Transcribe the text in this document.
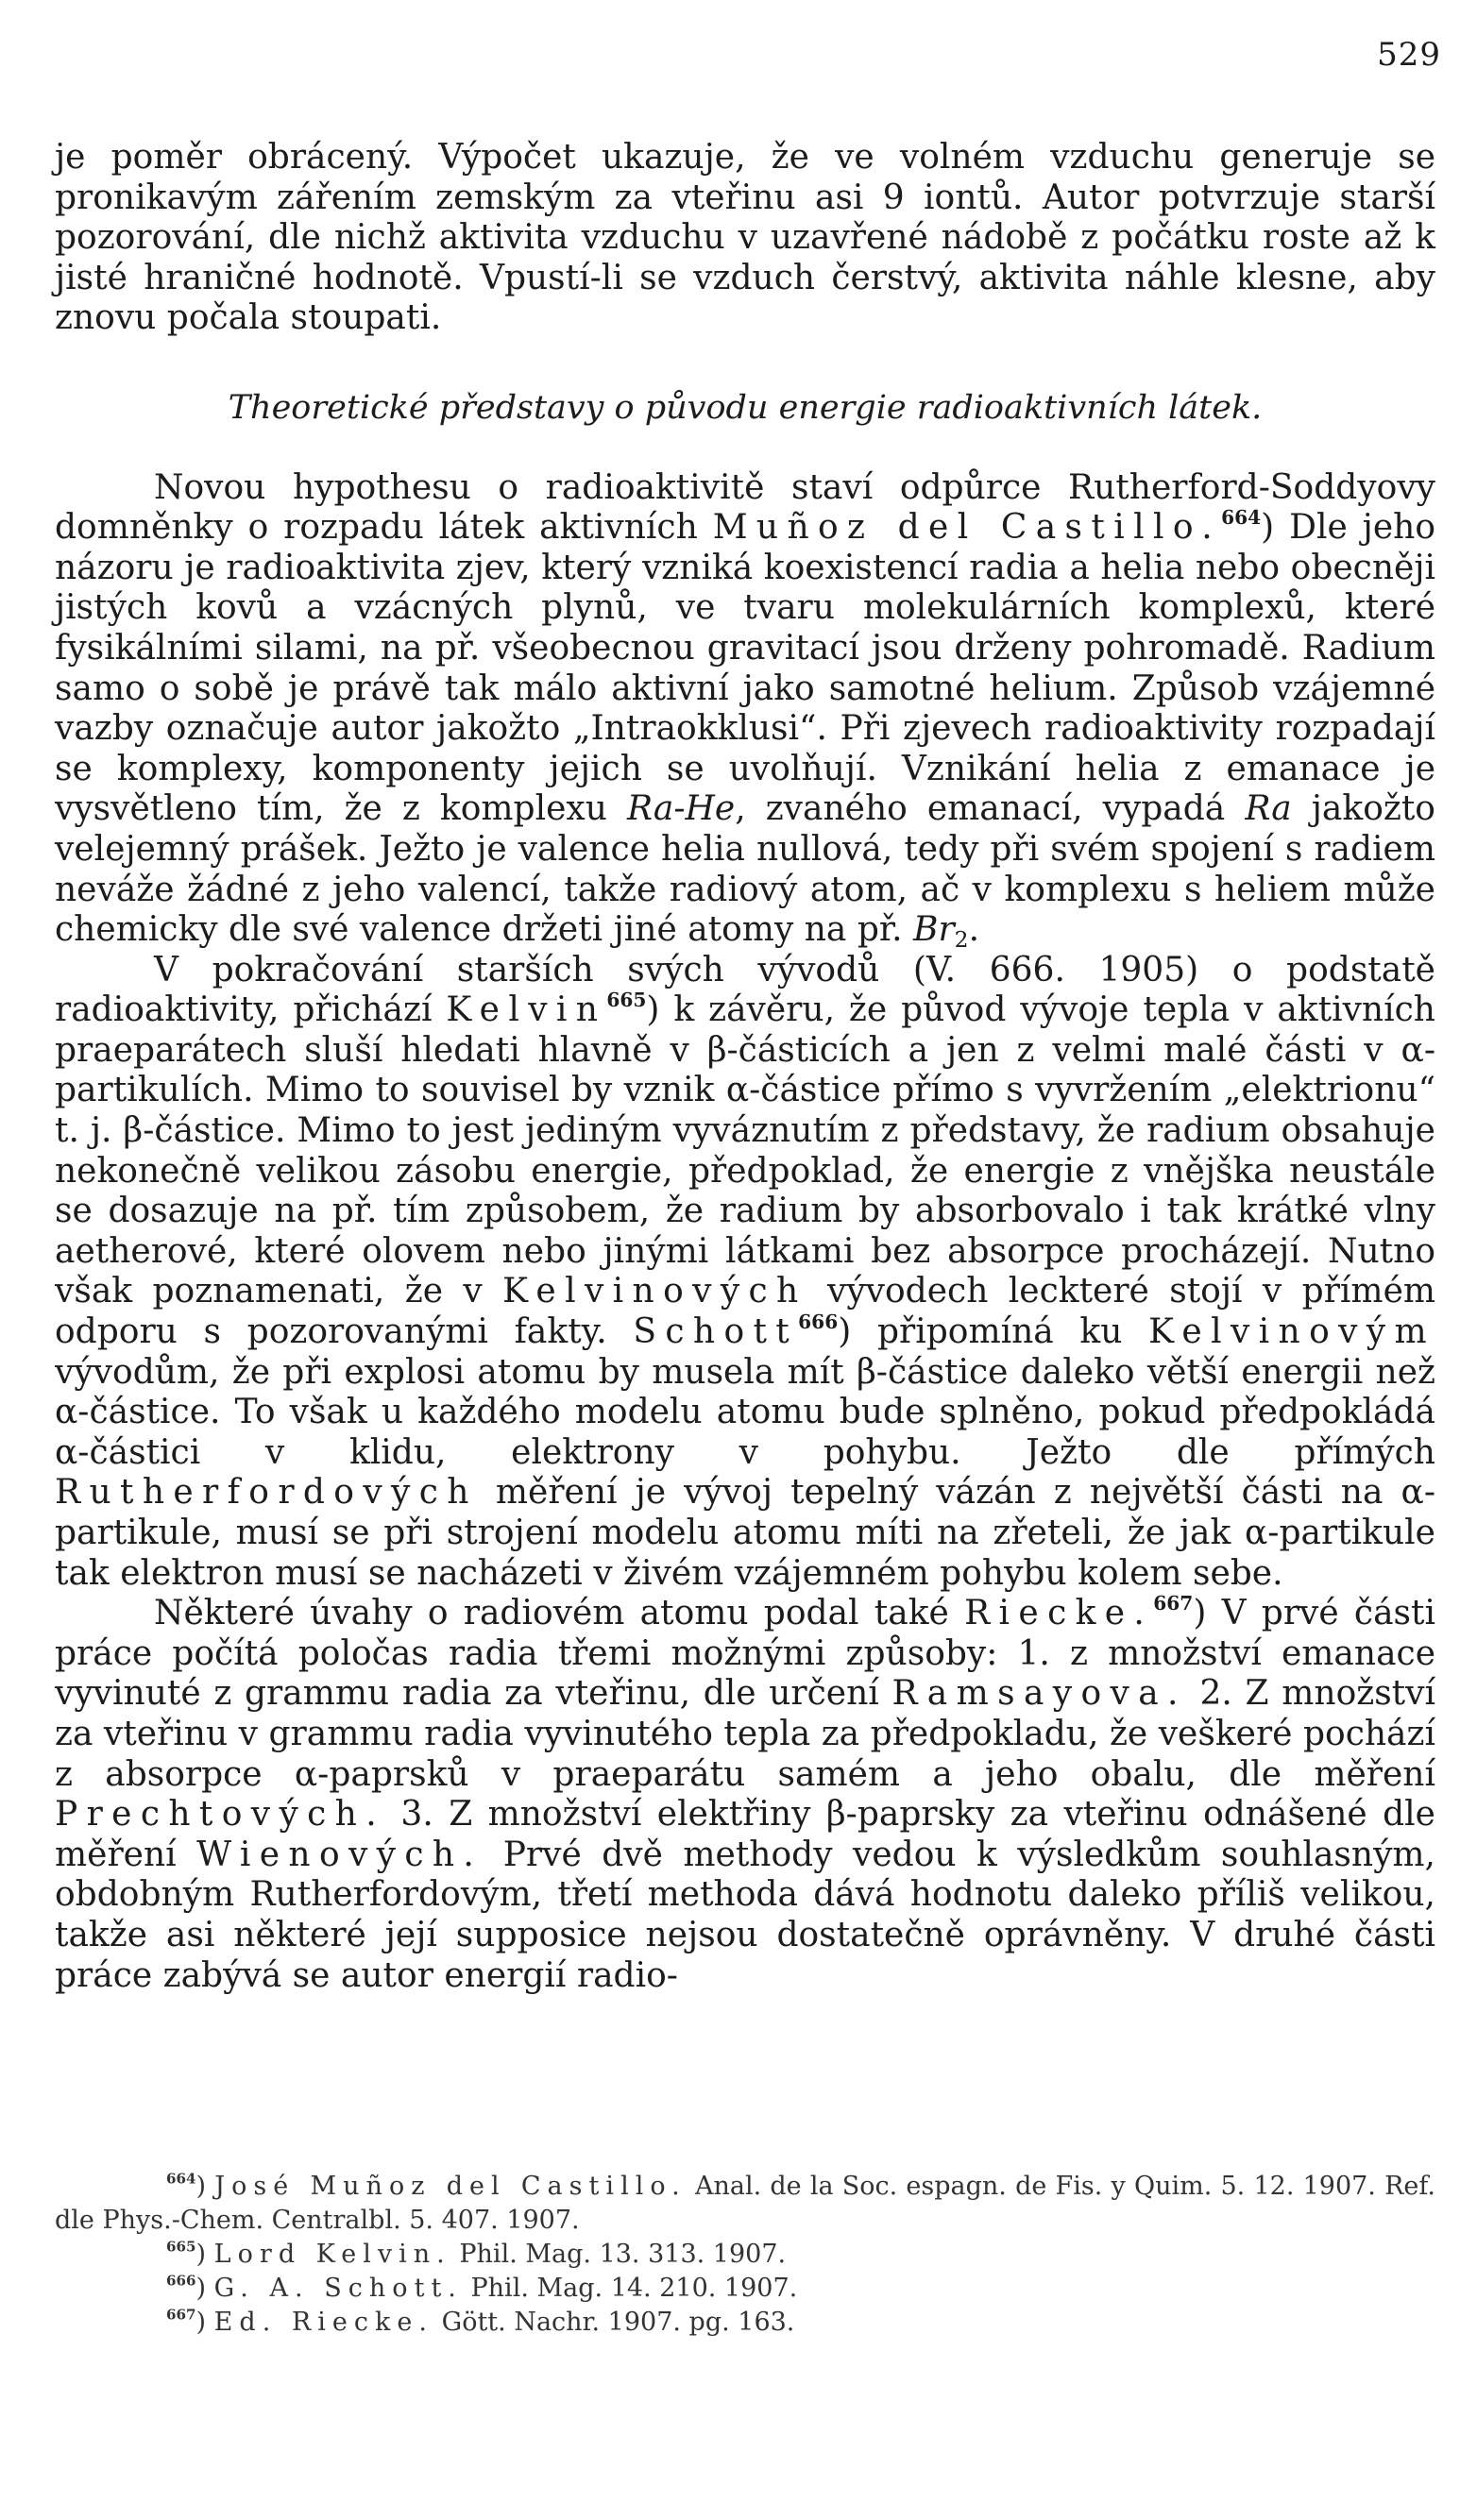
529

je poměr obrácený. Výpočet ukazuje, že ve volném vzduchu generuje se pronikavým zářením zemským za vteřinu asi 9 iontů. Autor potvrzuje starší pozorování, dle nichž aktivita vzduchu v uzavřené nádobě z počátku roste až k jisté hraničné hodnotě. Vpustí-li se vzduch čerstvý, aktivita náhle klesne, aby znovu počala stoupati.

Theoretické představy o původu energie radioaktivních látek.

Novou hypothesu o radioaktivitě staví odpůrce Rutherford-Soddyovy domněnky o rozpadu látek aktivních Muñoz del Castillo.$^{664}$) Dle jeho názoru je radioaktivita zjev, který vzniká koexistencí radia a helia nebo obecněji jistých kovů a vzácných plynů, ve tvaru molekulárních komplexů, které fysikálními silami, na př. všeobecnou gravitací jsou drženy pohromadě. Radium samo o sobě je právě tak málo aktivní jako samotné helium. Způsob vzájemné vazby označuje autor jakožto „Intraokklusi“. Při zjevech radioaktivity rozpadají se komplexy, komponenty jejich se uvolňují. Vznikání helia z emanace je vysvětleno tím, že z komplexu Ra-He, zvaného emanací, vypadá Ra jakožto velejemný prášek. Ježto je valence helia nullová, tedy při svém spojení s radiem neváže žádné z jeho valencí, takže radiový atom, ač v komplexu s heliem může chemicky dle své valence držeti jiné atomy na př. $Br_2$.

V pokračování starších svých vývodů (V. 666. 1905) o podstatě radioaktivity, přichází Kelvin$^{665}$) k závěru, že původ vývoje tepla v aktivních praeparátech sluší hledati hlavně v β-částicích a jen z velmi malé části v α-partikulích. Mimo to souvisel by vznik α-částice přímo s vyvržením „elektrionu“ t. j. β-částice. Mimo to jest jediným vyváznutím z představy, že radium obsahuje nekonečně velikou zásobu energie, předpoklad, že energie z vnějška neustále se dosazuje na př. tím způsobem, že radium by absorbovalo i tak krátké vlny aetherové, které olovem nebo jinými látkami bez absorpce procházejí. Nutno však poznamenati, že v Kelvinových vývodech leckteré stojí v přímém odporu s pozorovanými fakty. Schott$^{666}$) připomíná ku Kelvinovým vývodům, že při explosi atomu by musela mít β-částice daleko větší energii než α-částice. To však u každého modelu atomu bude splněno, pokud předpokládá α-částici v klidu, elektrony v pohybu. Ježto dle přímých Rutherfordových měření je vývoj tepelný vázán z největší části na α-partikule, musí se při strojení modelu atomu míti na zřeteli, že jak α-partikule tak elektron musí se nacházeti v živém vzájemném pohybu kolem sebe.

Některé úvahy o radiovém atomu podal také Riecke.$^{667}$) V prvé části práce počítá poločas radia třemi možnými způsoby: 1. z množství emanace vyvinuté z grammu radia za vteřinu, dle určení Ramsayova. 2. Z množství za vteřinu v grammu radia vyvinutého tepla za předpokladu, že veškeré pochází z absorpce α-paprsků v praeparátu samém a jeho obalu, dle měření Prechtových. 3. Z množství elektřiny β-paprsky za vteřinu odnášené dle měření Wienových. Prvé dvě methody vedou k výsledkům souhlasným, obdobným Rutherfordovým, třetí methoda dává hodnotu daleko příliš velikou, takže asi některé její supposice nejsou dostatečně oprávněny. V druhé části práce zabývá se autor energií radio-

$^{664}$) José Muñoz del Castillo. Anal. de la Soc. espagn. de Fis. y Quim. 5. 12. 1907. Ref. dle Phys.-Chem. Centralbl. 5. 407. 1907.

$^{665}$) Lord Kelvin. Phil. Mag. 13. 313. 1907.

$^{666}$) G. A. Schott. Phil. Mag. 14. 210. 1907.

$^{667}$) Ed. Riecke. Gött. Nachr. 1907. pg. 163.
